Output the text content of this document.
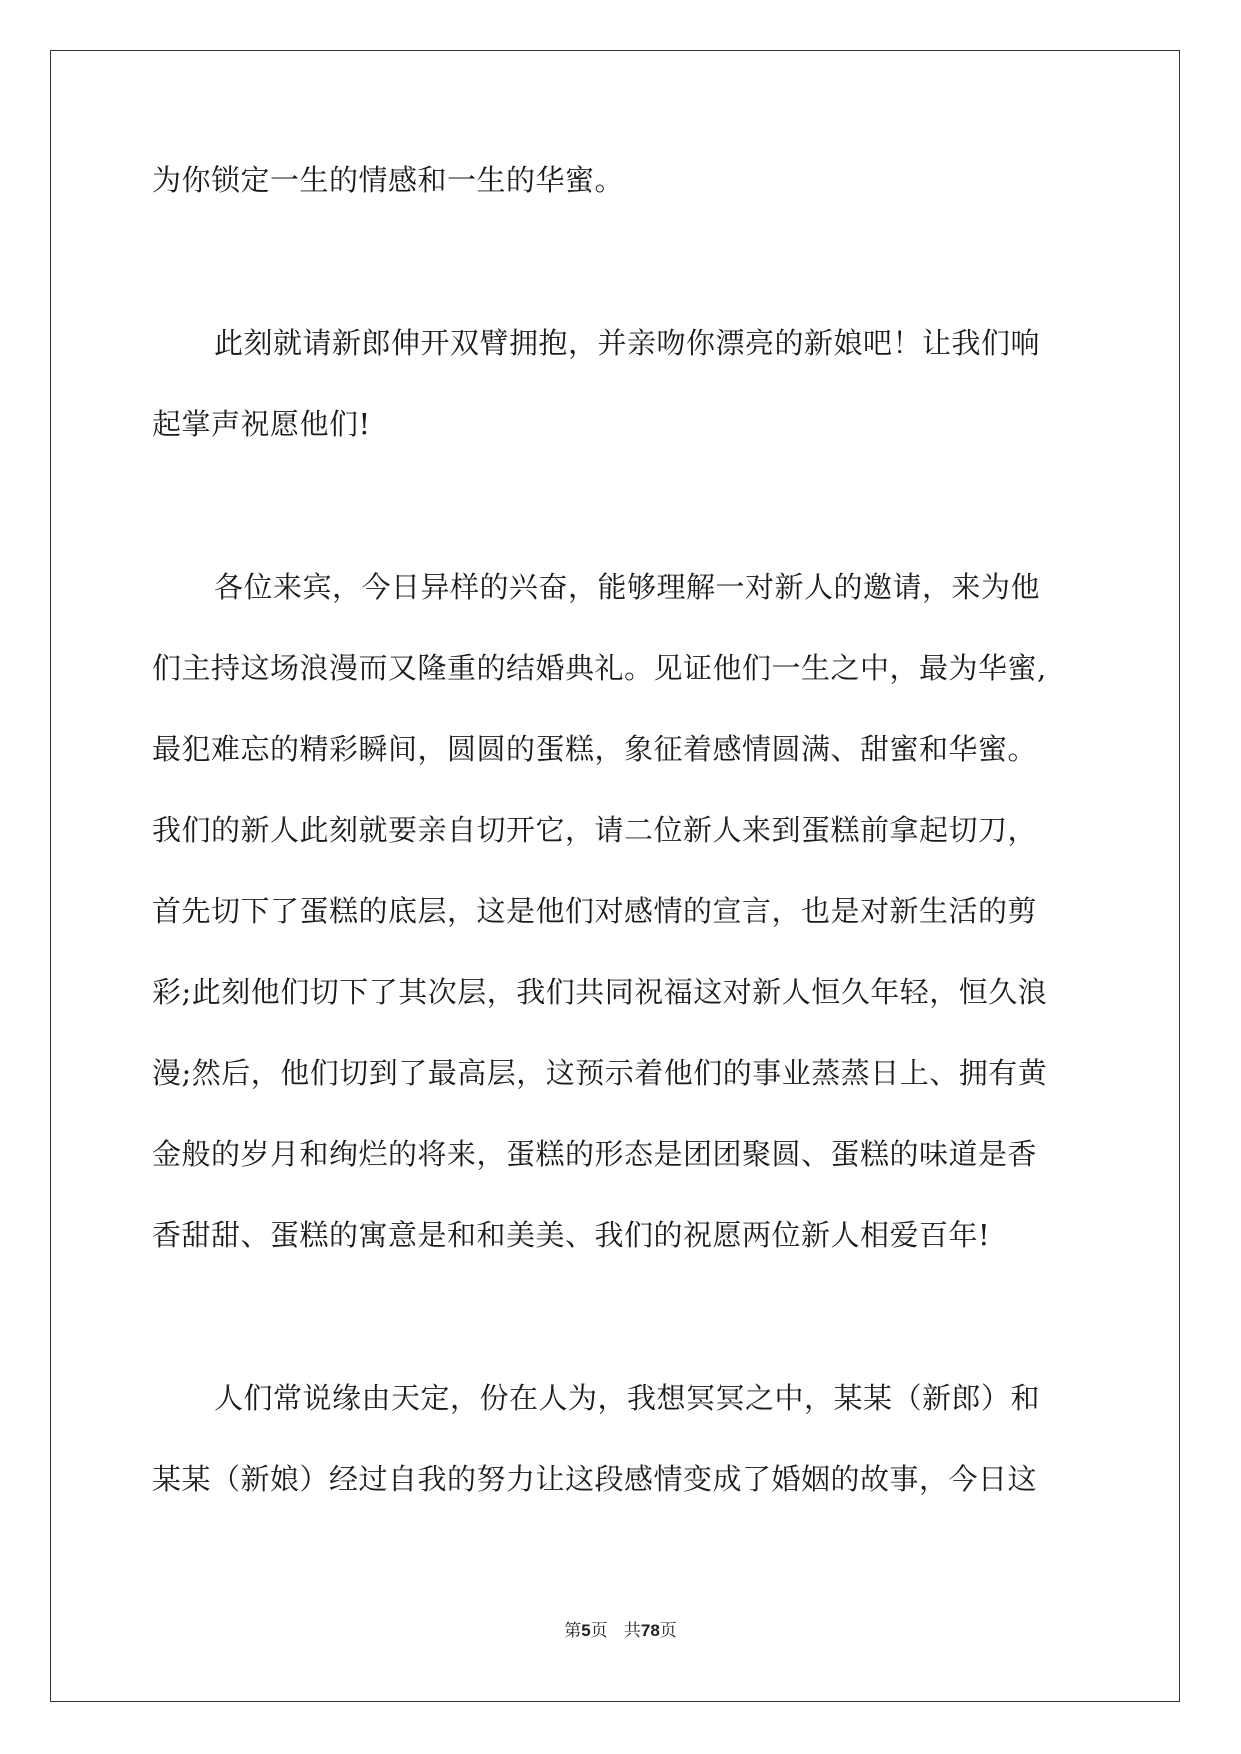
为你锁定一生的情感和一生的华蜜。
此刻就请新郎伸开双臂拥抱，并亲吻你漂亮的新娘吧！让我们响
起掌声祝愿他们!
各位来宾，今日异样的兴奋，能够理解一对新人的邀请，来为他
们主持这场浪漫而又隆重的结婚典礼。见证他们一生之中，最为华蜜,
最犯难忘的精彩瞬间，圆圆的蛋糕，象征着感情圆满、甜蜜和华蜜。
我们的新人此刻就要亲自切开它，请二位新人来到蛋糕前拿起切刀，
首先切下了蛋糕的底层，这是他们对感情的宣言，也是对新生活的剪
彩;此刻他们切下了其次层，我们共同祝福这对新人恒久年轻，恒久浪
漫;然后，他们切到了最高层，这预示着他们的事业蒸蒸日上、拥有黄
金般的岁月和绚烂的将来，蛋糕的形态是团团聚圆、蛋糕的味道是香
香甜甜、蛋糕的寓意是和和美美、我们的祝愿两位新人相爱百年!
人们常说缘由天定，份在人为，我想冥冥之中，某某（新郎）和
某某（新娘）经过自我的努力让这段感情变成了婚姻的故事，今日这
第5页 共78页
